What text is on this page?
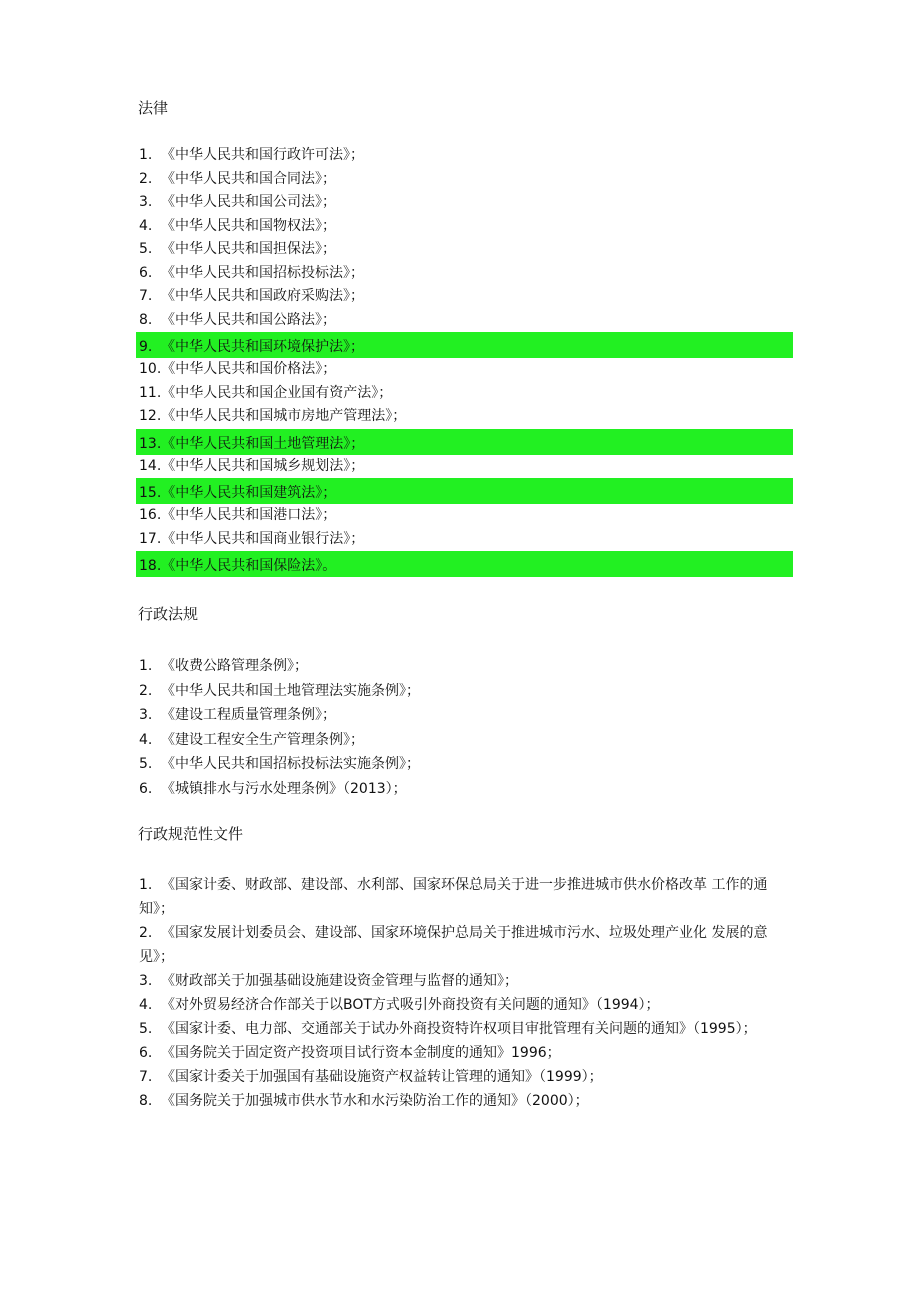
法律
1. 《中华人民共和国行政许可法》；
2. 《中华人民共和国合同法》；
3. 《中华人民共和国公司法》；
4. 《中华人民共和国物权法》；
5. 《中华人民共和国担保法》；
6. 《中华人民共和国招标投标法》；
7. 《中华人民共和国政府采购法》；
8. 《中华人民共和国公路法》；
9. 《中华人民共和国环境保护法》；
10.《中华人民共和国价格法》；
11.《中华人民共和国企业国有资产法》；
12.《中华人民共和国城市房地产管理法》；
13.《中华人民共和国土地管理法》；
14.《中华人民共和国城乡规划法》；
15.《中华人民共和国建筑法》；
16.《中华人民共和国港口法》；
17.《中华人民共和国商业银行法》；
18.《中华人民共和国保险法》。
行政法规
1. 《收费公路管理条例》；
2. 《中华人民共和国土地管理法实施条例》；
3. 《建设工程质量管理条例》；
4. 《建设工程安全生产管理条例》；
5. 《中华人民共和国招标投标法实施条例》；
6. 《城镇排水与污水处理条例》（2013）；
行政规范性文件
1. 《国家计委、财政部、建设部、水利部、国家环保总局关于进一步推进城市供水价格改革 工作的通知》；
2. 《国家发展计划委员会、建设部、国家环境保护总局关于推进城市污水、垃圾处理产业化 发展的意见》；
3. 《财政部关于加强基础设施建设资金管理与监督的通知》；
4. 《对外贸易经济合作部关于以BOT方式吸引外商投资有关问题的通知》（1994）；
5. 《国家计委、电力部、交通部关于试办外商投资特许权项目审批管理有关问题的通知》（1995）；
6. 《国务院关于固定资产投资项目试行资本金制度的通知》1996；
7. 《国家计委关于加强国有基础设施资产权益转让管理的通知》（1999）；
8. 《国务院关于加强城市供水节水和水污染防治工作的通知》（2000）；
